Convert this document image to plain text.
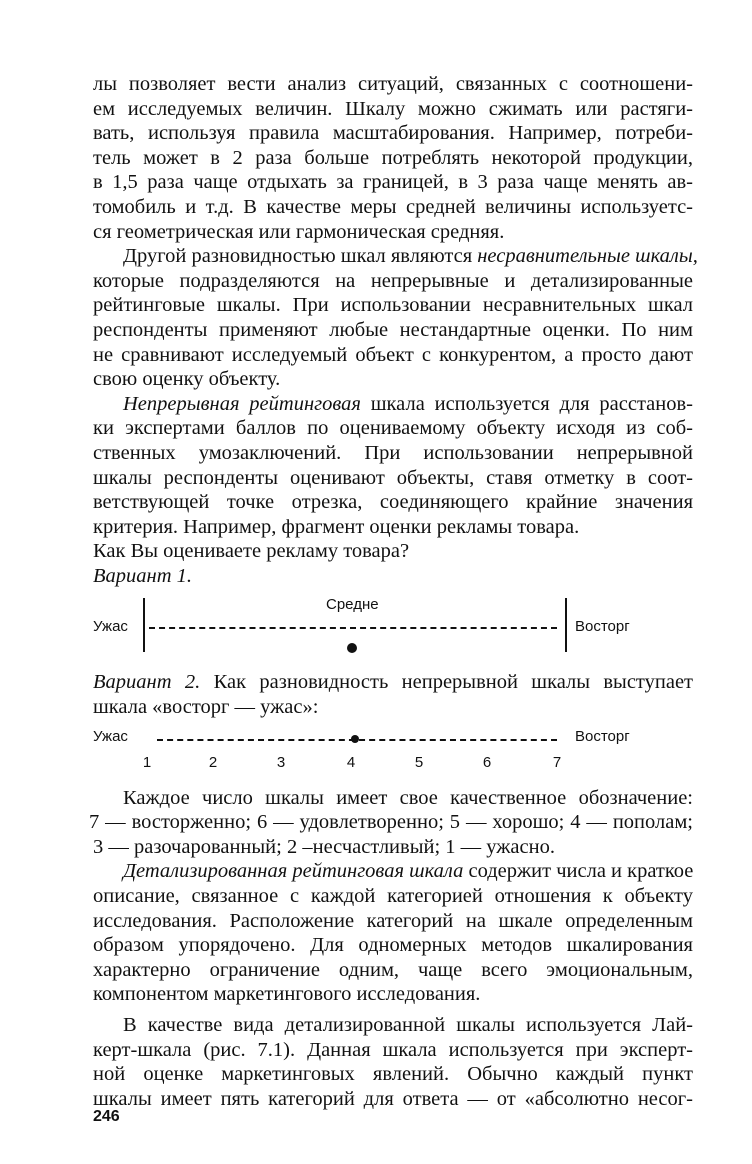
лы позволяет вести анализ ситуаций, связанных с соотношени-
ем исследуемых величин. Шкалу можно сжимать или растяги-
вать, используя правила масштабирования. Например, потреби-
тель может в 2 раза больше потреблять некоторой продукции,
в 1,5 раза чаще отдыхать за границей, в 3 раза чаще менять ав-
томобиль и т.д. В качестве меры средней величины используетс-
ся геометрическая или гармоническая средняя.
Другой разновидностью шкал являются несравнительные шкалы,
которые подразделяются на непрерывные и детализированные
рейтинговые шкалы. При использовании несравнительных шкал
респонденты применяют любые нестандартные оценки. По ним
не сравнивают исследуемый объект с конкурентом, а просто дают
свою оценку объекту.
Непрерывная рейтинговая шкала используется для расстанов-
ки экспертами баллов по оцениваемому объекту исходя из соб-
ственных умозаключений. При использовании непрерывной
шкалы респонденты оценивают объекты, ставя отметку в соот-
ветствующей точке отрезка, соединяющего крайние значения
критерия. Например, фрагмент оценки рекламы товара.
Как Вы оцениваете рекламу товара?
Вариант 1.
Ужас
Средне
Восторг
Вариант 2. Как разновидность непрерывной шкалы выступает
шкала «восторг — ужас»:
Ужас	Восторг
1	2	3	4	5	6	7
Каждое число шкалы имеет свое качественное обозначение:
7 — восторженно; 6 — удовлетворенно; 5 — хорошо; 4 — пополам;
3 — разочарованный; 2 –несчастливый; 1 — ужасно.
Детализированная рейтинговая шкала содержит числа и краткое
описание, связанное с каждой категорией отношения к объекту
исследования. Расположение категорий на шкале определенным
образом упорядочено. Для одномерных методов шкалирования
характерно ограничение одним, чаще всего эмоциональным,
компонентом маркетингового исследования.
В качестве вида детализированной шкалы используется Лай-
керт-шкала (рис. 7.1). Данная шкала используется при эксперт-
ной оценке маркетинговых явлений. Обычно каждый пункт
шкалы имеет пять категорий для ответа — от «абсолютно несог-
246
